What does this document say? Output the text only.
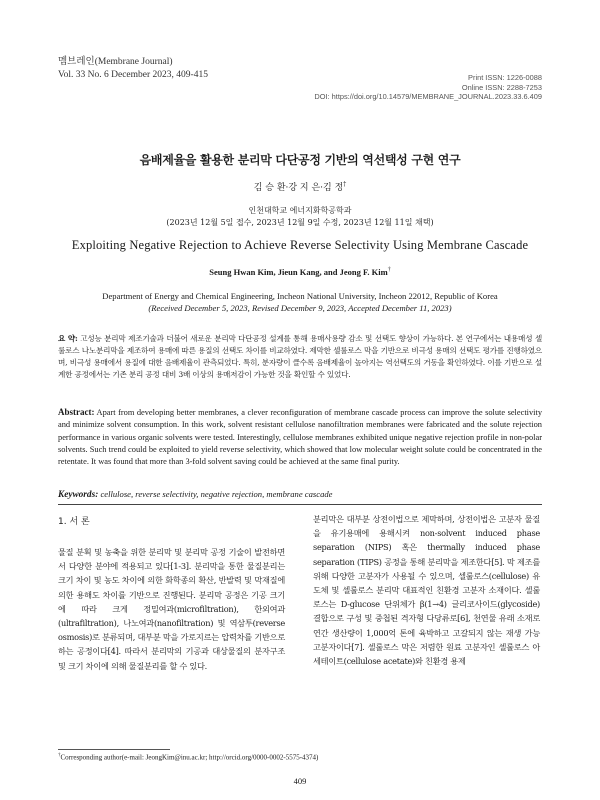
멤브레인(Membrane Journal)
Vol. 33 No. 6 December 2023, 409-415	Print ISSN: 1226-0088
Online ISSN: 2288-7253
DOI: https://doi.org/10.14579/MEMBRANE_JOURNAL.2023.33.6.409
음배제율을 활용한 분리막 다단공정 기반의 역선택성 구현 연구
김 승 환·강 지 은·김 정†
인천대학교 에너지화학공학과
(2023년 12월 5일 접수, 2023년 12월 9일 수정, 2023년 12월 11일 채택)
Exploiting Negative Rejection to Achieve Reverse Selectivity Using Membrane Cascade
Seung Hwan Kim, Jieun Kang, and Jeong F. Kim†
Department of Energy and Chemical Engineering, Incheon National University, Incheon 22012, Republic of Korea
(Received December 5, 2023, Revised December 9, 2023, Accepted December 11, 2023)
요 약: 고성능 분리막 제조기술과 더불어 새로운 분리막 다단공정 설계를 통해 용매사용량 감소 및 선택도 향상이 가능하다. 본 연구에서는 내용매성 셀룰로스 나노분리막을 제조하여 용매에 따른 용질의 선택도 차이를 비교하였다. 제막한 셀룰로스 막을 기반으로 비극성 용매의 선택도 평가를 진행하였으며, 비극성 용매에서 용질에 대한 음배제율이 관측되었다. 특히, 분자량이 클수록 음배제율이 높아지는 역선택도의 거동을 확인하였다. 이를 기반으로 설계한 공정에서는 기존 분리 공정 대비 3배 이상의 용매저감이 가능한 것을 확인할 수 있었다.
Abstract: Apart from developing better membranes, a clever reconfiguration of membrane cascade process can improve the solute selectivity and minimize solvent consumption. In this work, solvent resistant cellulose nanofiltration membranes were fabricated and the solute rejection performance in various organic solvents were tested. Interestingly, cellulose membranes exhibited unique negative rejection profile in non-polar solvents. Such trend could be exploited to yield reverse selectivity, which showed that low molecular weight solute could be concentrated in the retentate. It was found that more than 3-fold solvent saving could be achieved at the same final purity.
Keywords: cellulose, reverse selectivity, negative rejection, membrane cascade
1. 서 론
물질 분획 및 농축을 위한 분리막 및 분리막 공정 기술이 발전하면서 다양한 분야에 적용되고 있다[1-3]. 분리막을 통한 물질분리는 크기 차이 및 농도 차이에 의한 화학종의 확산, 반발력 및 막재질에 의한 용해도 차이를 기반으로 진행된다. 분리막 공정은 기공 크기에 따라 크게 정밀여과(microfiltration), 한외여과(ultrafiltration), 나노여과(nanofiltration) 및 역삼투(reverse osmosis)로 분류되며, 대부분 막을 가로지르는 압력차를 기반으로 하는 공정이다[4]. 따라서 분리막의 기공과 대상물질의 분자구조 및 크기 차이에 의해 물질분리를 할 수 있다.
분리막은 대부분 상전이법으로 제막하며, 상전이법은 고분자 물질을 유기용매에 용해시켜 non-solvent induced phase separation (NIPS) 혹은 thermally induced phase separation (TIPS) 공정을 통해 분리막을 제조한다[5]. 막 제조를 위해 다양한 고분자가 사용될 수 있으며, 셀룰로스(cellulose) 유도체 및 셀룰로스 분리막 대표적인 친환경 고분자 소재이다. 셀룰로스는 D-glucose 단위체가 β(1→4) 글리코사이드(glycoside) 결합으로 구성 및 중첩된 격자형 다당류로[6], 천연물 유래 소재로 연간 생산량이 1,000억 톤에 육박하고 고갈되지 않는 재생 가능 고분자이다[7]. 셀룰로스 막은 저렴한 원료 고분자인 셀룰로스 아세테이트(cellulose acetate)와 친환경 용제
†Corresponding author(e-mail: JeongKim@inu.ac.kr; http://orcid.org/0000-0002-5575-4374)
409
